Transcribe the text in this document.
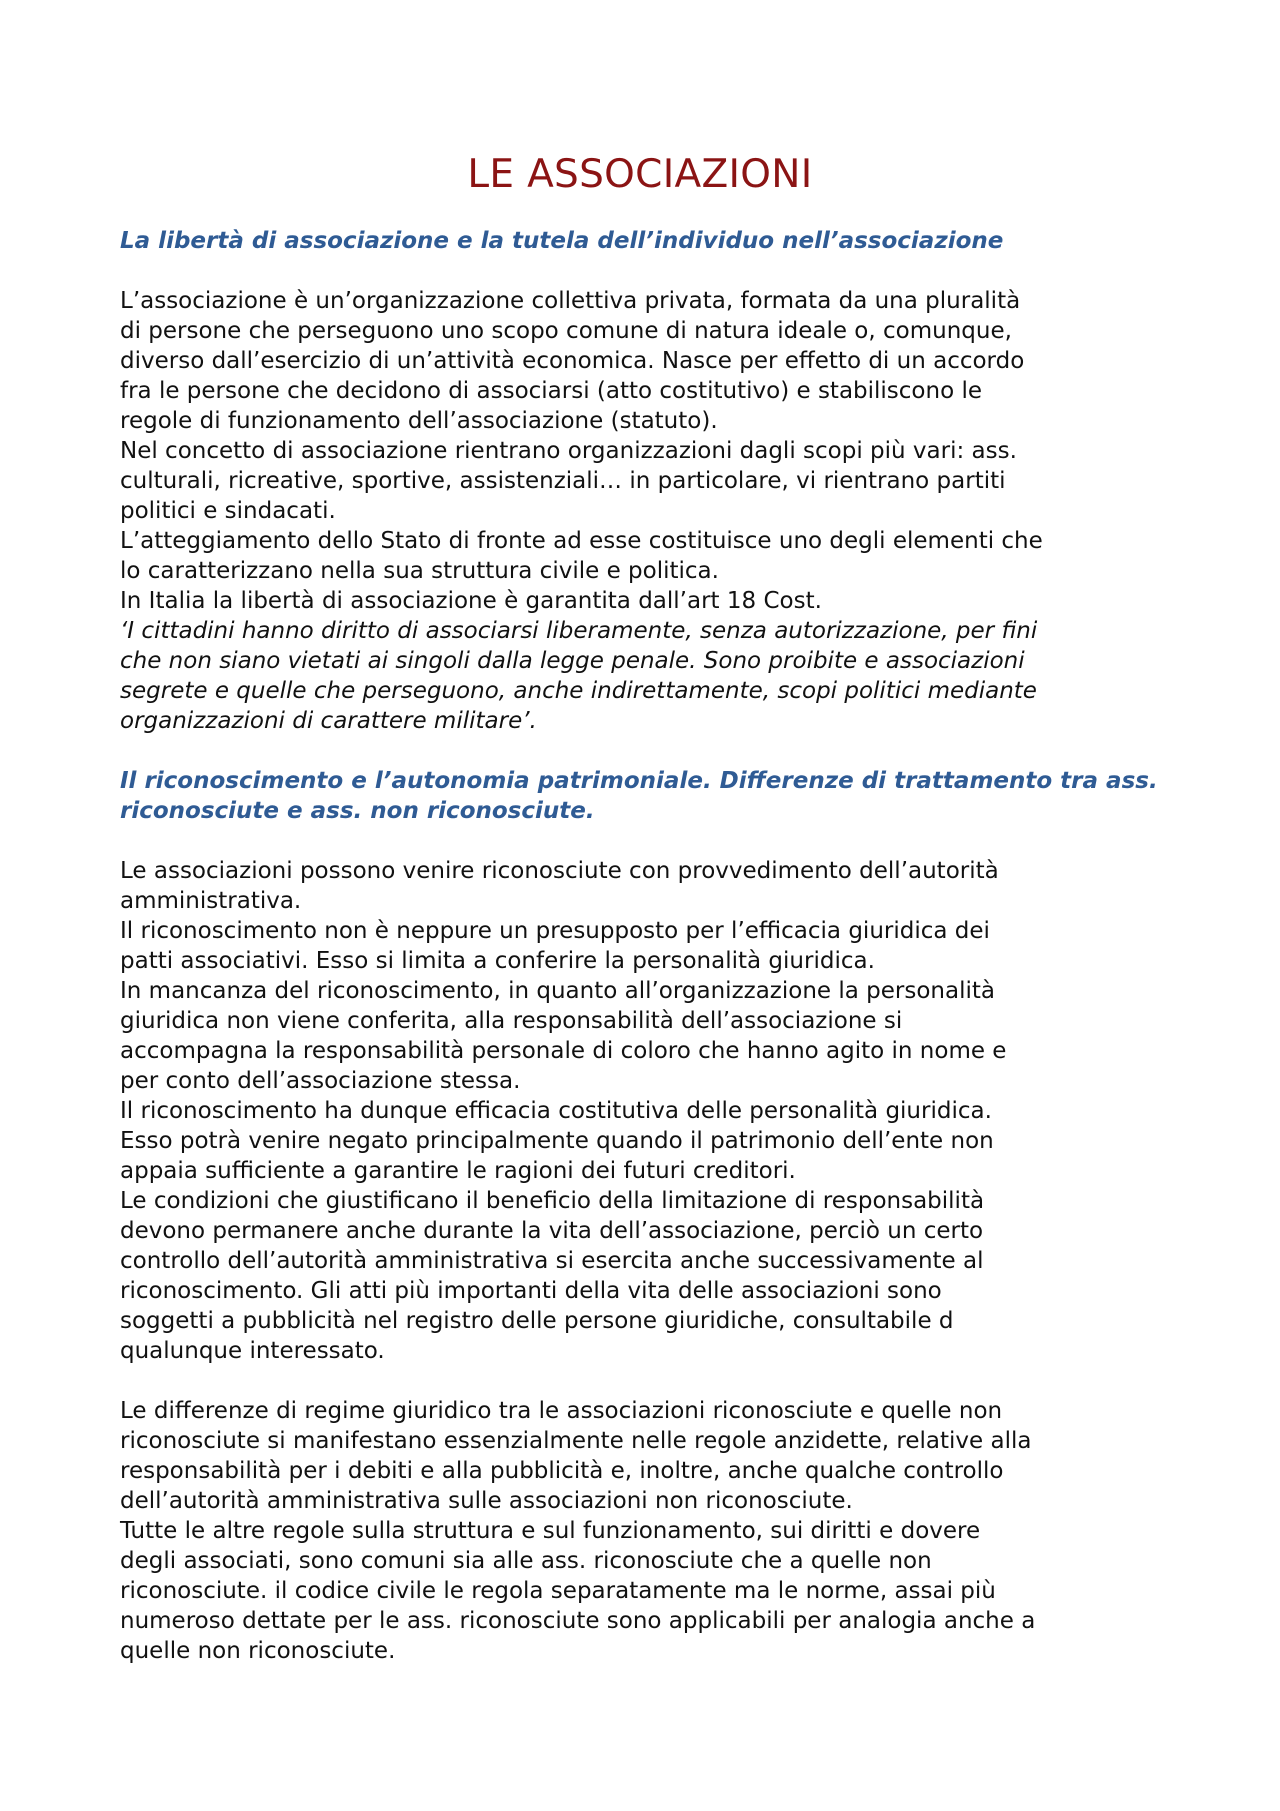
LE ASSOCIAZIONI
La libertà di associazione e la tutela dell’individuo nell’associazione

L’associazione è un’organizzazione collettiva privata, formata da una pluralità
di persone che perseguono uno scopo comune di natura ideale o, comunque,
diverso dall’esercizio di un’attività economica. Nasce per effetto di un accordo
fra le persone che decidono di associarsi (atto costitutivo) e stabiliscono le
regole di funzionamento dell’associazione (statuto).

Nel concetto di associazione rientrano organizzazioni dagli scopi più vari: ass.
culturali, ricreative, sportive, assistenziali… in particolare, vi rientrano partiti
politici e sindacati.

L’atteggiamento dello Stato di fronte ad esse costituisce uno degli elementi che
lo caratterizzano nella sua struttura civile e politica.

In Italia la libertà di associazione è garantita dall’art 18 Cost.

‘I cittadini hanno diritto di associarsi liberamente, senza autorizzazione, per fini
che non siano vietati ai singoli dalla legge penale. Sono proibite e associazioni
segrete e quelle che perseguono, anche indirettamente, scopi politici mediante
organizzazioni di carattere militare’.

Il riconoscimento e l’autonomia patrimoniale. Differenze di trattamento tra ass.
riconosciute e ass. non riconosciute.

Le associazioni possono venire riconosciute con provvedimento dell’autorità
amministrativa.

Il riconoscimento non è neppure un presupposto per l’efficacia giuridica dei
patti associativi. Esso si limita a conferire la personalità giuridica.

In mancanza del riconoscimento, in quanto all’organizzazione la personalità
giuridica non viene conferita, alla responsabilità dell’associazione si
accompagna la responsabilità personale di coloro che hanno agito in nome e
per conto dell’associazione stessa.

Il riconoscimento ha dunque efficacia costitutiva delle personalità giuridica.
Esso potrà venire negato principalmente quando il patrimonio dell’ente non
appaia sufficiente a garantire le ragioni dei futuri creditori.

Le condizioni che giustificano il beneficio della limitazione di responsabilità
devono permanere anche durante la vita dell’associazione, perciò un certo
controllo dell’autorità amministrativa si esercita anche successivamente al
riconoscimento. Gli atti più importanti della vita delle associazioni sono
soggetti a pubblicità nel registro delle persone giuridiche, consultabile d
qualunque interessato.

Le differenze di regime giuridico tra le associazioni riconosciute e quelle non
riconosciute si manifestano essenzialmente nelle regole anzidette, relative alla
responsabilità per i debiti e alla pubblicità e, inoltre, anche qualche controllo
dell’autorità amministrativa sulle associazioni non riconosciute.

Tutte le altre regole sulla struttura e sul funzionamento, sui diritti e dovere
degli associati, sono comuni sia alle ass. riconosciute che a quelle non
riconosciute. il codice civile le regola separatamente ma le norme, assai più
numeroso dettate per le ass. riconosciute sono applicabili per analogia anche a
quelle non riconosciute.
